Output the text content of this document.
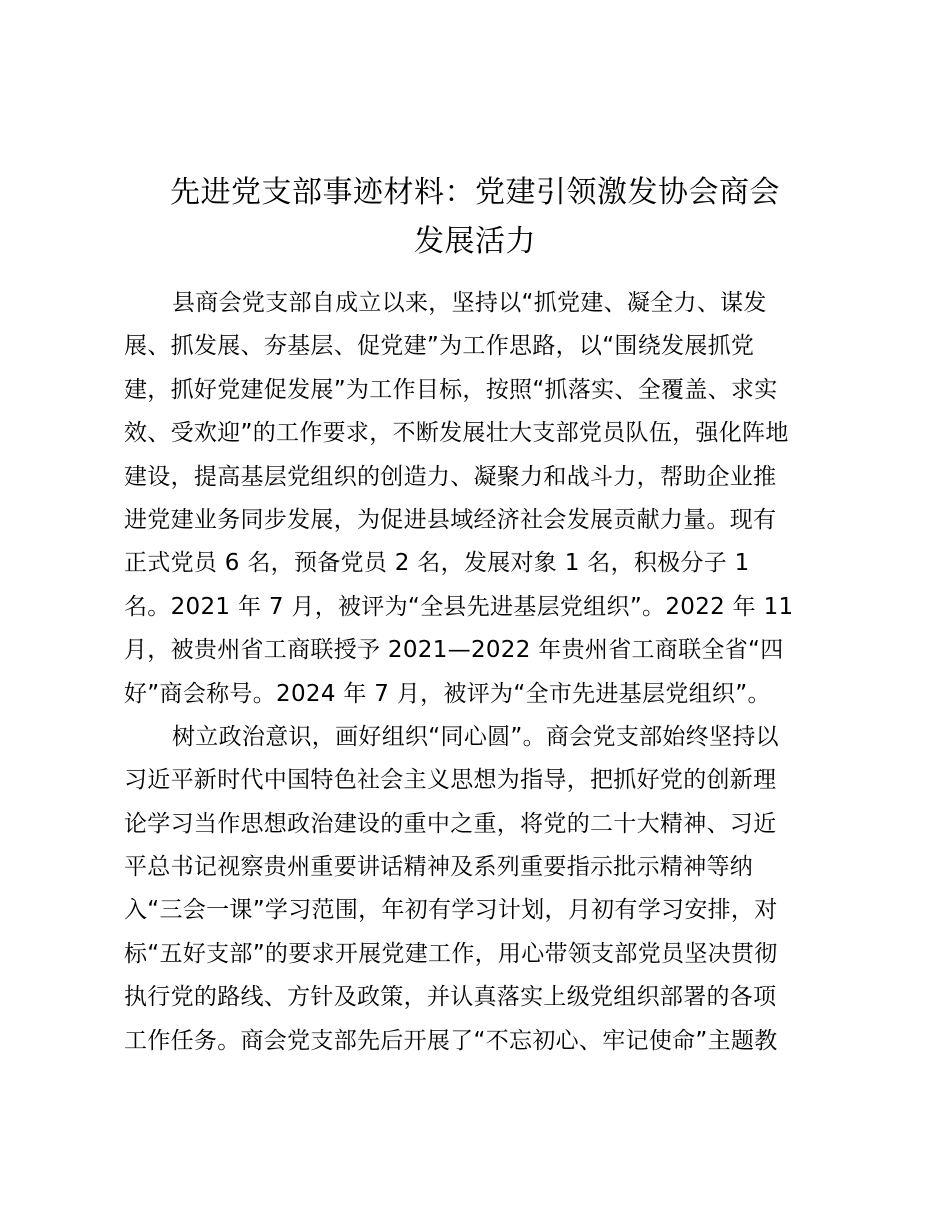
先进党支部事迹材料：党建引领激发协会商会
发展活力
县商会党支部自成立以来，坚持以“抓党建、凝全力、谋发
展、抓发展、夯基层、促党建”为工作思路，以“围绕发展抓党
建，抓好党建促发展”为工作目标，按照“抓落实、全覆盖、求实
效、受欢迎”的工作要求，不断发展壮大支部党员队伍，强化阵地
建设，提高基层党组织的创造力、凝聚力和战斗力，帮助企业推
进党建业务同步发展，为促进县域经济社会发展贡献力量。现有
正式党员 6 名，预备党员 2 名，发展对象 1 名，积极分子 1
名。2021 年 7 月，被评为“全县先进基层党组织”。2022 年 11
月，被贵州省工商联授予 2021—2022 年贵州省工商联全省“四
好”商会称号。2024 年 7 月，被评为“全市先进基层党组织”。
树立政治意识，画好组织“同心圆”。商会党支部始终坚持以
习近平新时代中国特色社会主义思想为指导，把抓好党的创新理
论学习当作思想政治建设的重中之重，将党的二十大精神、习近
平总书记视察贵州重要讲话精神及系列重要指示批示精神等纳
入“三会一课”学习范围，年初有学习计划，月初有学习安排，对
标“五好支部”的要求开展党建工作，用心带领支部党员坚决贯彻
执行党的路线、方针及政策，并认真落实上级党组织部署的各项
工作任务。商会党支部先后开展了“不忘初心、牢记使命”主题教
